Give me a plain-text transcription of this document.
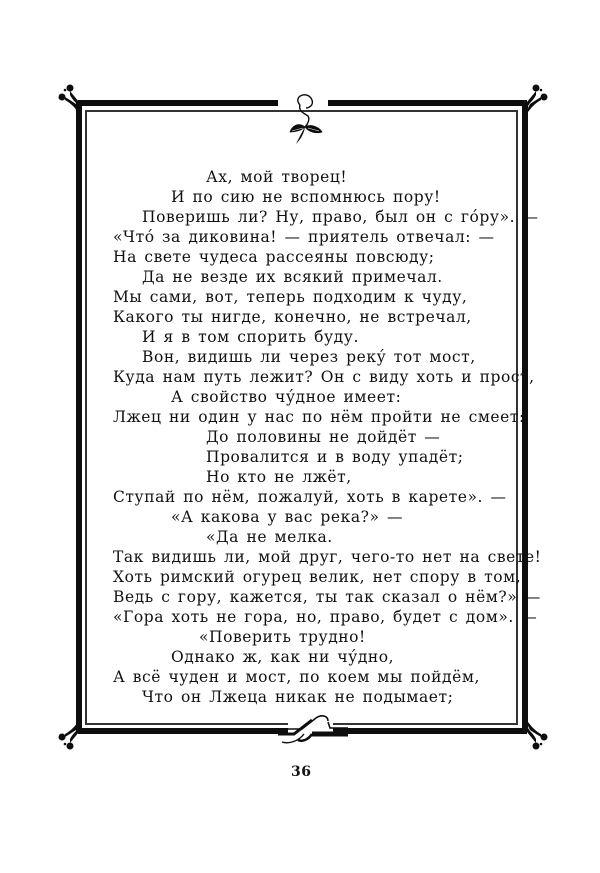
Ах, мой творец!
И по сию не вспомнюсь пору!
Поверишь ли? Ну, право, был он с го́ру». —
«Что́ за диковина! — приятель отвечал: —
На свете чудеса рассеяны повсюду;
Да не везде их всякий примечал.
Мы сами, вот, теперь подходим к чуду,
Какого ты нигде, конечно, не встречал,
И я в том спорить буду.
Вон, видишь ли через реку́ тот мост,
Куда нам путь лежит? Он с виду хоть и прост,
А свойство чу́дное имеет:
Лжец ни один у нас по нём пройти не смеет:
До половины не дойдёт —
Провалится и в воду упадёт;
Но кто не лжёт,
Ступай по нём, пожалуй, хоть в карете». —
«А какова у вас река?» —
«Да не мелка.
Так видишь ли, мой друг, чего-то нет на свете!
Хоть римский огурец велик, нет спору в том,
Ведь с гору, кажется, ты так сказал о нём?» —
«Гора хоть не гора, но, право, будет с дом». —
«Поверить трудно!
Однако ж, как ни чу́дно,
А всё чуден и мост, по коем мы пойдём,
Что он Лжеца никак не подымает;
36
